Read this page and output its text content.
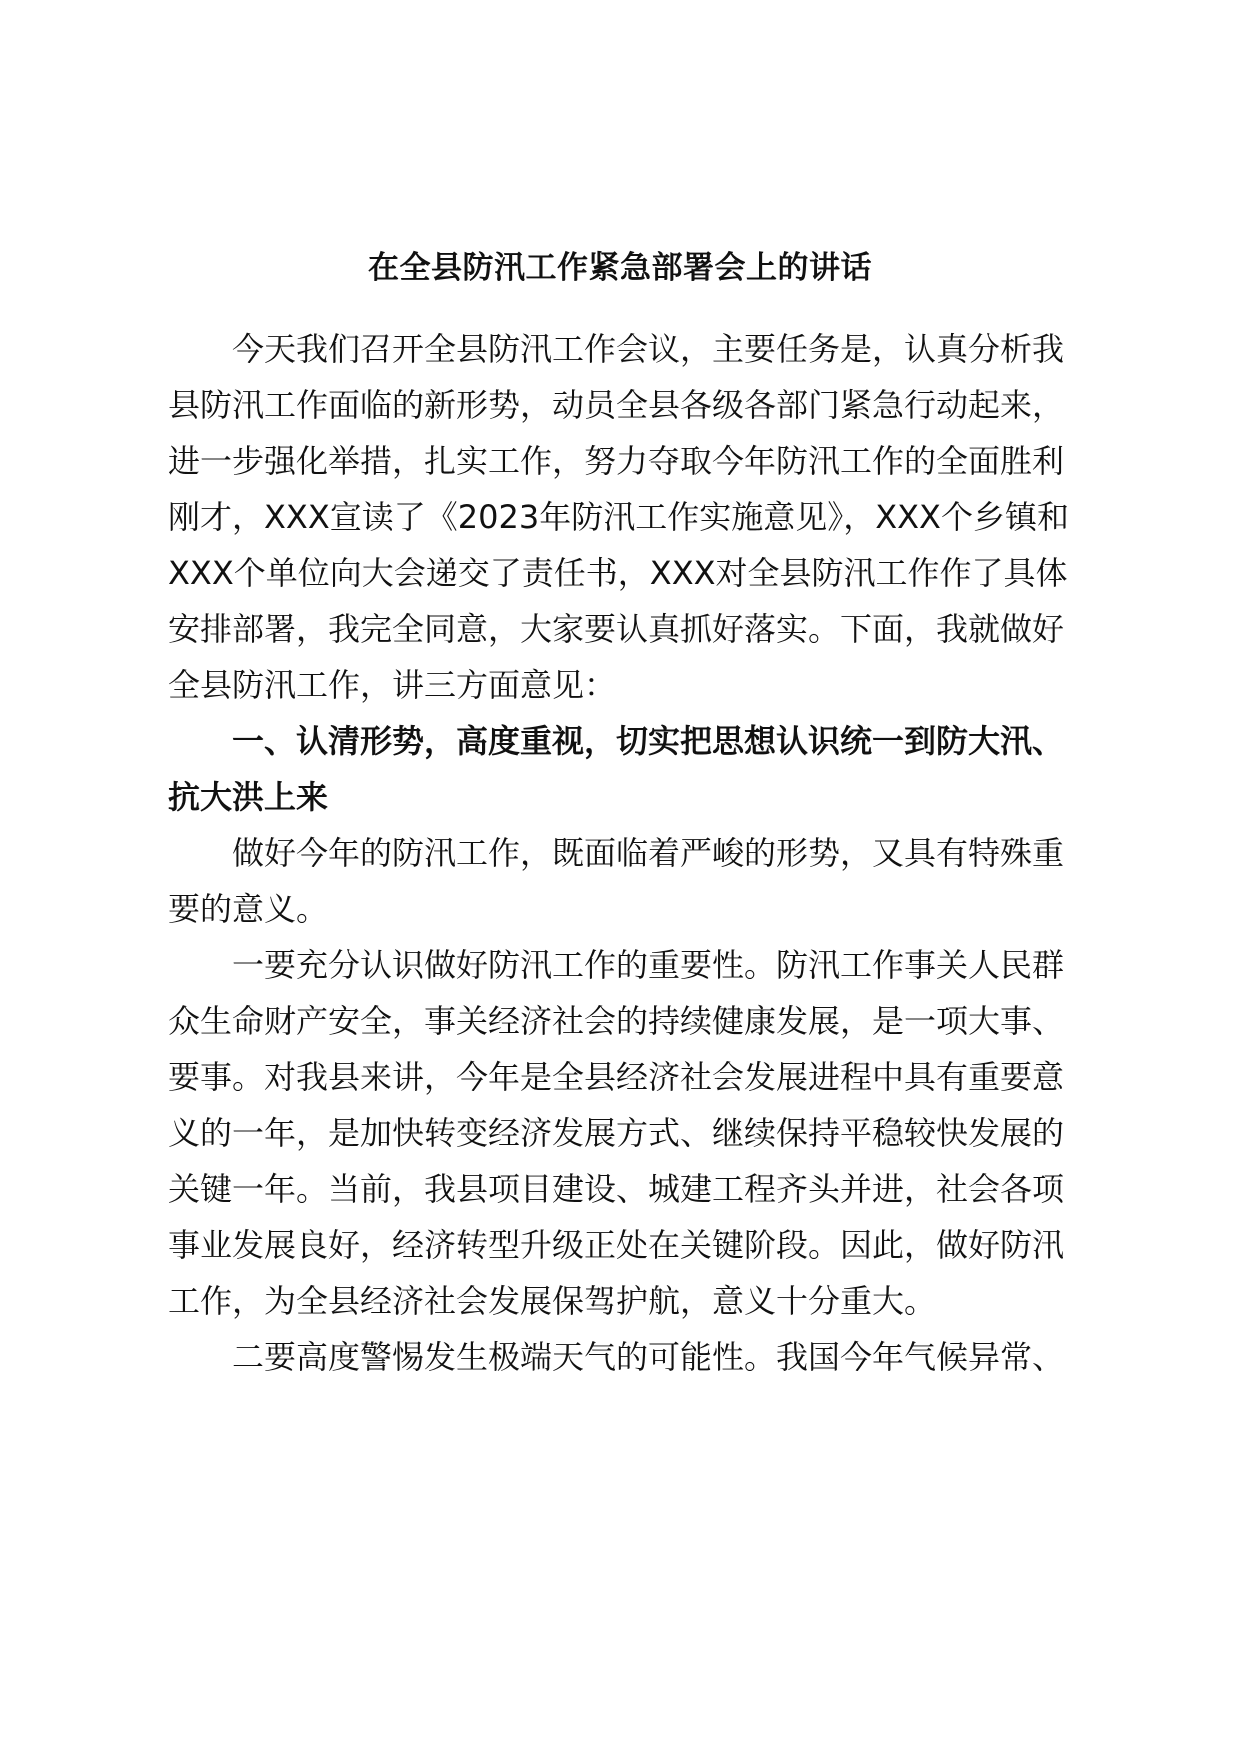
在全县防汛工作紧急部署会上的讲话
今天我们召开全县防汛工作会议，主要任务是，认真分析我
县防汛工作面临的新形势，动员全县各级各部门紧急行动起来，
进一步强化举措，扎实工作，努力夺取今年防汛工作的全面胜利
刚才，XXX宣读了《2023年防汛工作实施意见》，XXX个乡镇和
XXX个单位向大会递交了责任书，XXX对全县防汛工作作了具体
安排部署，我完全同意，大家要认真抓好落实。下面，我就做好
全县防汛工作，讲三方面意见：
一、认清形势，高度重视，切实把思想认识统一到防大汛、
抗大洪上来
做好今年的防汛工作，既面临着严峻的形势，又具有特殊重
要的意义。
一要充分认识做好防汛工作的重要性。防汛工作事关人民群
众生命财产安全，事关经济社会的持续健康发展，是一项大事、
要事。对我县来讲，今年是全县经济社会发展进程中具有重要意
义的一年，是加快转变经济发展方式、继续保持平稳较快发展的
关键一年。当前，我县项目建设、城建工程齐头并进，社会各项
事业发展良好，经济转型升级正处在关键阶段。因此，做好防汛
工作，为全县经济社会发展保驾护航，意义十分重大。
二要高度警惕发生极端天气的可能性。我国今年气候异常、
